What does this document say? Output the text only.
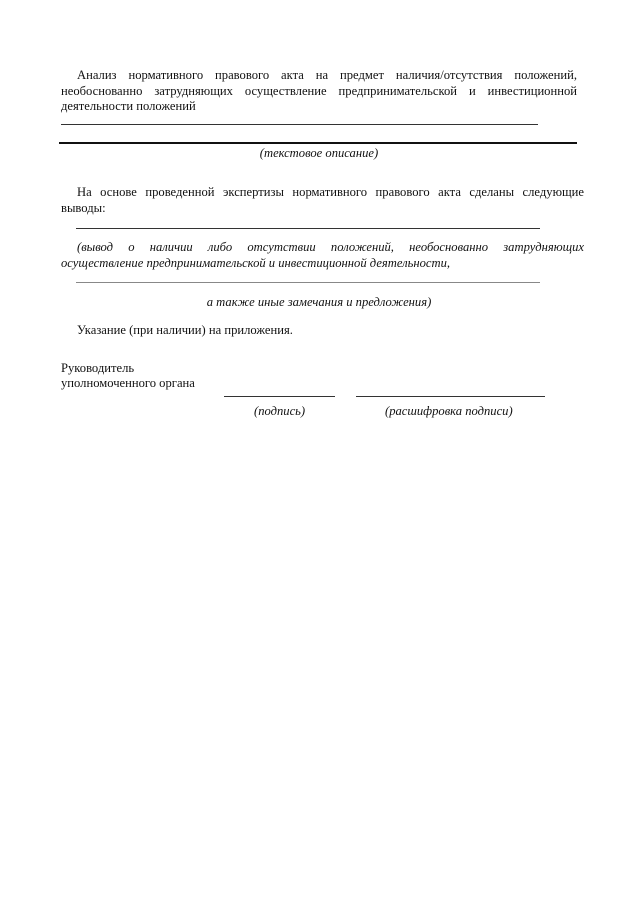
Анализ нормативного правового акта на предмет наличия/отсутствия положений, необоснованно затрудняющих осуществление предпринимательской и инвестиционной деятельности положений
(текстовое описание)
На основе проведенной экспертизы нормативного правового акта сделаны следующие выводы:
(вывод о наличии либо отсутствии положений, необоснованно затрудняющих
осуществление предпринимательской и инвестиционной деятельности,
а также иные замечания и предложения)
Указание (при наличии) на приложения.
Руководитель
уполномоченного органа
(подпись)	(расшифровка подписи)
